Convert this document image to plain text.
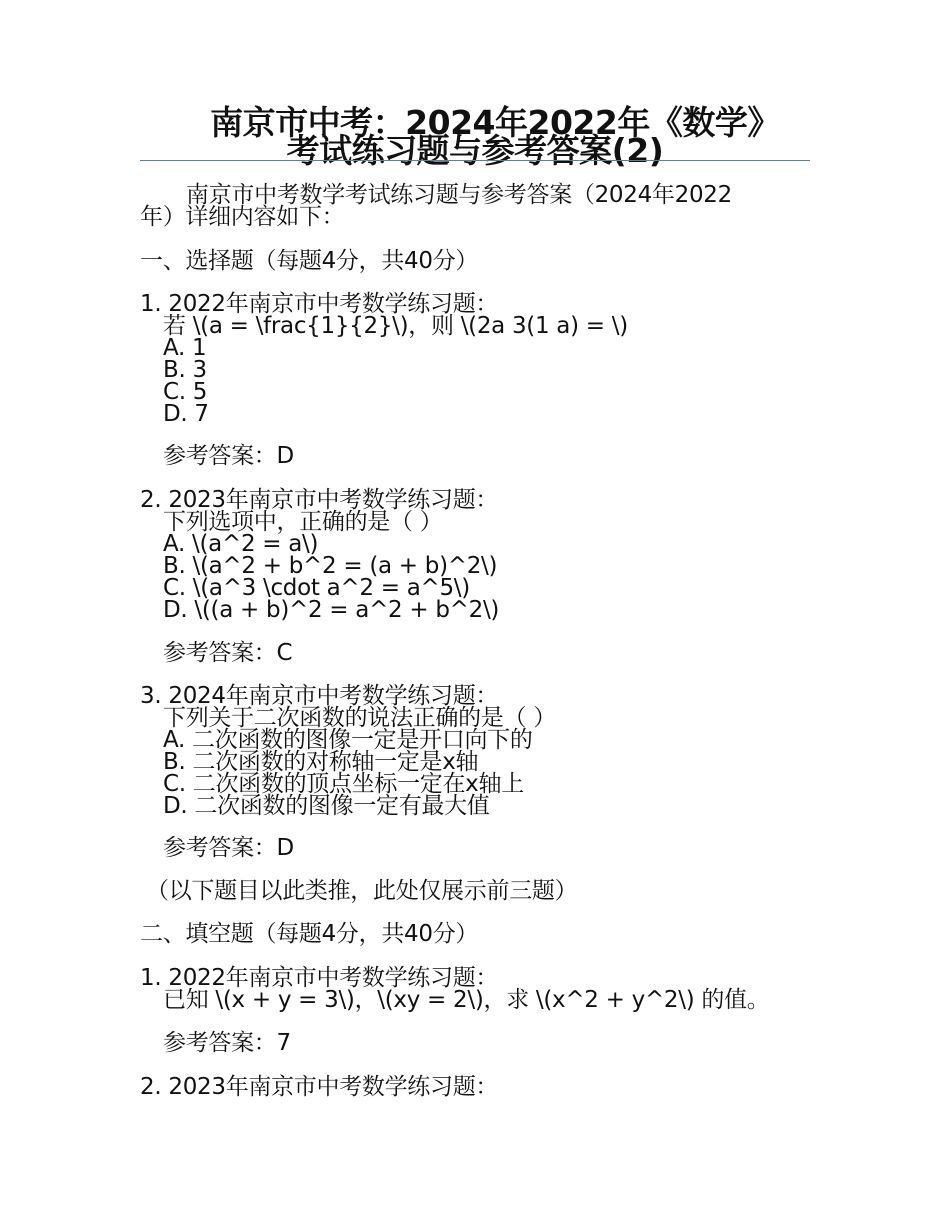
南京市中考：2024年2022年《数学》
考试练习题与参考答案(2)
南京市中考数学考试练习题与参考答案（2024年2022
年）详细内容如下：
一、选择题（每题4分，共40分）
1. 2022年南京市中考数学练习题：
若 \(a = \frac{1}{2}\)，则 \(2a 3(1 a) = \)
A. 1
B. 3
C. 5
D. 7
参考答案：D
2. 2023年南京市中考数学练习题：
下列选项中，正确的是（ ）
A. \(a^2 = a\)
B. \(a^2 + b^2 = (a + b)^2\)
C. \(a^3 \cdot a^2 = a^5\)
D. \((a + b)^2 = a^2 + b^2\)
参考答案：C
3. 2024年南京市中考数学练习题：
下列关于二次函数的说法正确的是（ ）
A. 二次函数的图像一定是开口向下的
B. 二次函数的对称轴一定是x轴
C. 二次函数的顶点坐标一定在x轴上
D. 二次函数的图像一定有最大值
参考答案：D
（以下题目以此类推，此处仅展示前三题）
二、填空题（每题4分，共40分）
1. 2022年南京市中考数学练习题：
已知 \(x + y = 3\)，\(xy = 2\)，求 \(x^2 + y^2\) 的值。
参考答案：7
2. 2023年南京市中考数学练习题：
